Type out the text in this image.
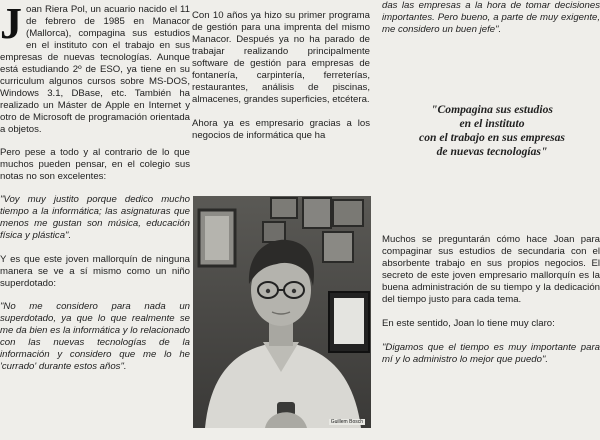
Joan Riera Pol, un acuario nacido el 11 de febrero de 1985 en Manacor (Mallorca), compagina sus estudios en el instituto con el trabajo en sus empresas de nuevas tecnologías. Aunque está estudiando 2º de ESO, ya tiene en su curriculum algunos cursos sobre MS-DOS, Windows 3.1, DBase, etc. También ha realizado un Máster de Apple en Internet y otro de Microsoft de programación orientada a objetos.

Pero pese a todo y al contrario de lo que muchos pueden pensar, en el colegio sus notas no son excelentes:

"Voy muy justito porque dedico mucho tiempo a la informática; las asignaturas que menos me gustan son música, educación física y plástica".

Y es que este joven mallorquín de ninguna manera se ve a sí mismo como un niño superdotado:

"No me considero para nada un superdotado, ya que lo que realmente se me da bien es la informática y lo relacionado con las nuevas tecnologías de la información y considero que me lo he 'currado' durante estos años".

Con 10 años ya hizo su primer programa de gestión para una imprenta del mismo Manacor. Después ya no ha parado de trabajar realizando principalmente software de gestión para empresas de fontanería, carpintería, ferreterías, restaurantes, análisis de piscinas, almacenes, grandes superficies, etcétera.

Ahora ya es empresario gracias a los negocios de informática que ha

Guillem Bosch

das las empresas a la hora de tomar decisiones importantes. Pero bueno, a parte de muy exigente, me considero un buen jefe".

"Compagina sus estudios
en el instituto
con el trabajo en sus empresas
de nuevas tecnologías"

Muchos se preguntarán cómo hace Joan para compaginar sus estudios de secundaria con el absorbente trabajo en sus propios negocios. El secreto de este joven empresario mallorquín es la buena administración de su tiempo y la dedicación del tiempo justo para cada tema.

En este sentido, Joan lo tiene muy claro:

"Digamos que el tiempo es muy importante para mí y lo administro lo mejor que puedo".
